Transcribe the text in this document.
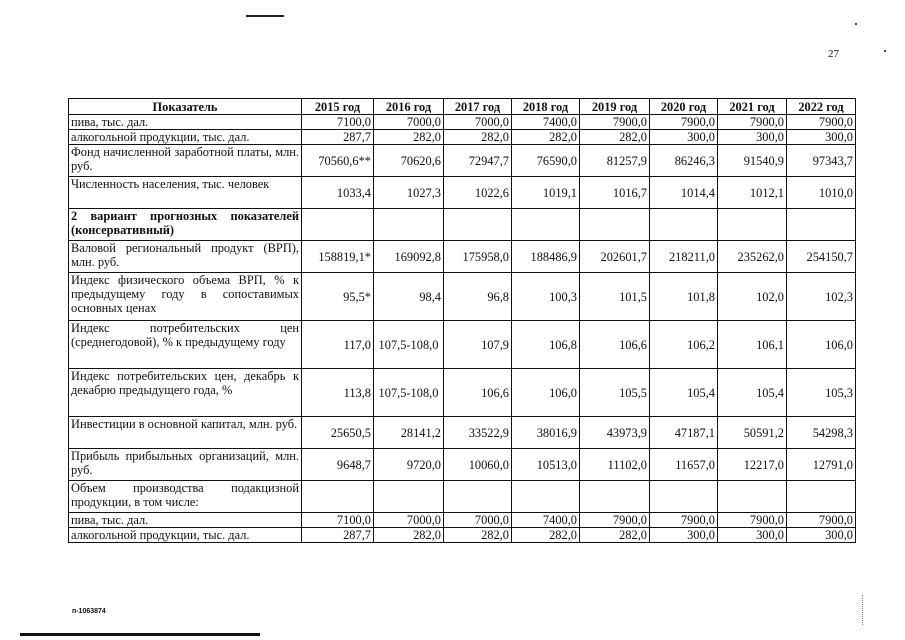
27
Показатель	2015 год	2016 год	2017 год	2018 год	2019 год	2020 год	2021 год	2022 год
пива, тыс. дал.	7100,0	7000,0	7000,0	7400,0	7900,0	7900,0	7900,0	7900,0
алкогольной продукции, тыс. дал.	287,7	282,0	282,0	282,0	282,0	300,0	300,0	300,0
Фонд начисленной заработной платы, млн. руб.	70560,6**	70620,6	72947,7	76590,0	81257,9	86246,3	91540,9	97343,7
Численность населения, тыс. человек	1033,4	1027,3	1022,6	1019,1	1016,7	1014,4	1012,1	1010,0
2 вариант прогнозных показателей (консервативный)								
Валовой региональный продукт (ВРП), млн. руб.	158819,1*	169092,8	175958,0	188486,9	202601,7	218211,0	235262,0	254150,7
Индекс физического объема ВРП, % к предыдущему году в сопоставимых основных ценах	95,5*	98,4	96,8	100,3	101,5	101,8	102,0	102,3
Индекс потребительских цен (среднегодовой), % к предыдущему году	117,0	107,5-108,0	107,9	106,8	106,6	106,2	106,1	106,0
Индекс потребительских цен, декабрь к декабрю предыдущего года, %	113,8	107,5-108,0	106,6	106,0	105,5	105,4	105,4	105,3
Инвестиции в основной капитал, млн. руб.	25650,5	28141,2	33522,9	38016,9	43973,9	47187,1	50591,2	54298,3
Прибыль прибыльных организаций, млн. руб.	9648,7	9720,0	10060,0	10513,0	11102,0	11657,0	12217,0	12791,0
Объем производства подакцизной продукции, в том числе:								
пива, тыс. дал.	7100,0	7000,0	7000,0	7400,0	7900,0	7900,0	7900,0	7900,0
алкогольной продукции, тыс. дал.	287,7	282,0	282,0	282,0	282,0	300,0	300,0	300,0
п-1063874
